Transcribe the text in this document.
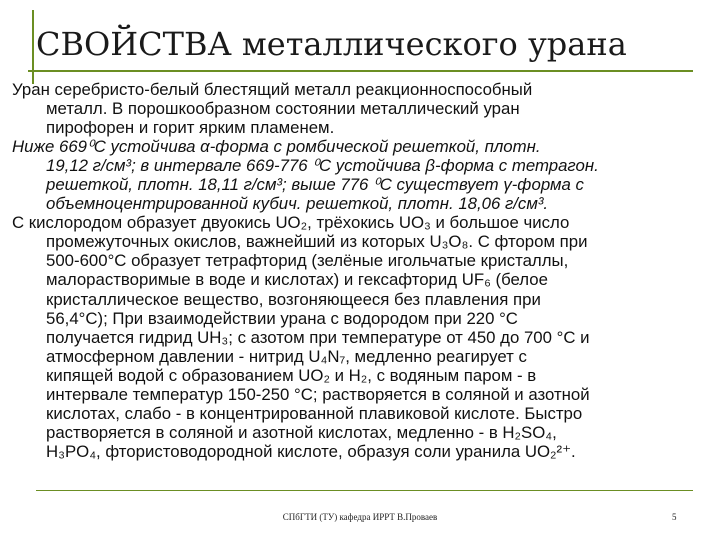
СВОЙСТВА металлического урана

Уран серебристо-белый блестящий металл реакционноспособный
металл. В порошкообразном состоянии металлический уран
пирофорен и горит ярким пламенем.

Ниже 669⁰С устойчива α-форма с ромбической решеткой, плотн.
19,12 г/см³; в интервале 669-776 ⁰С устойчива β-форма с тетрагон.
решеткой, плотн. 18,11 г/см³; выше 776 ⁰С существует γ-форма с
объемноцентрированной кубич. решеткой, плотн. 18,06 г/см³.

С кислородом образует двуокись UO₂, трёхокись UO₃ и большое число
промежуточных окислов, важнейший из которых U₃O₈. С фтором при
500-600°С образует тетрафторид (зелёные игольчатые кристаллы,
малорастворимые в воде и кислотах) и гексафторид UF₆ (белое
кристаллическое вещество, возгоняющееся без плавления при
56,4°С); При взаимодействии урана с водородом при 220 °С
получается гидрид UH₃; с азотом при температуре от 450 до 700 °С и
атмосферном давлении - нитрид U₄N₇, медленно реагирует с
кипящей водой с образованием UO₂ и H₂, с водяным паром - в
интервале температур 150-250 °С; растворяется в соляной и азотной
кислотах, слабо - в концентрированной плавиковой кислоте. Быстро
растворяется в соляной и азотной кислотах, медленно - в H₂SO₄,
H₃PO₄, фтористоводородной кислоте, образуя соли уранила UO₂²⁺.

СПбГТИ (ТУ) кафедра ИРРТ В.Проваев	5
